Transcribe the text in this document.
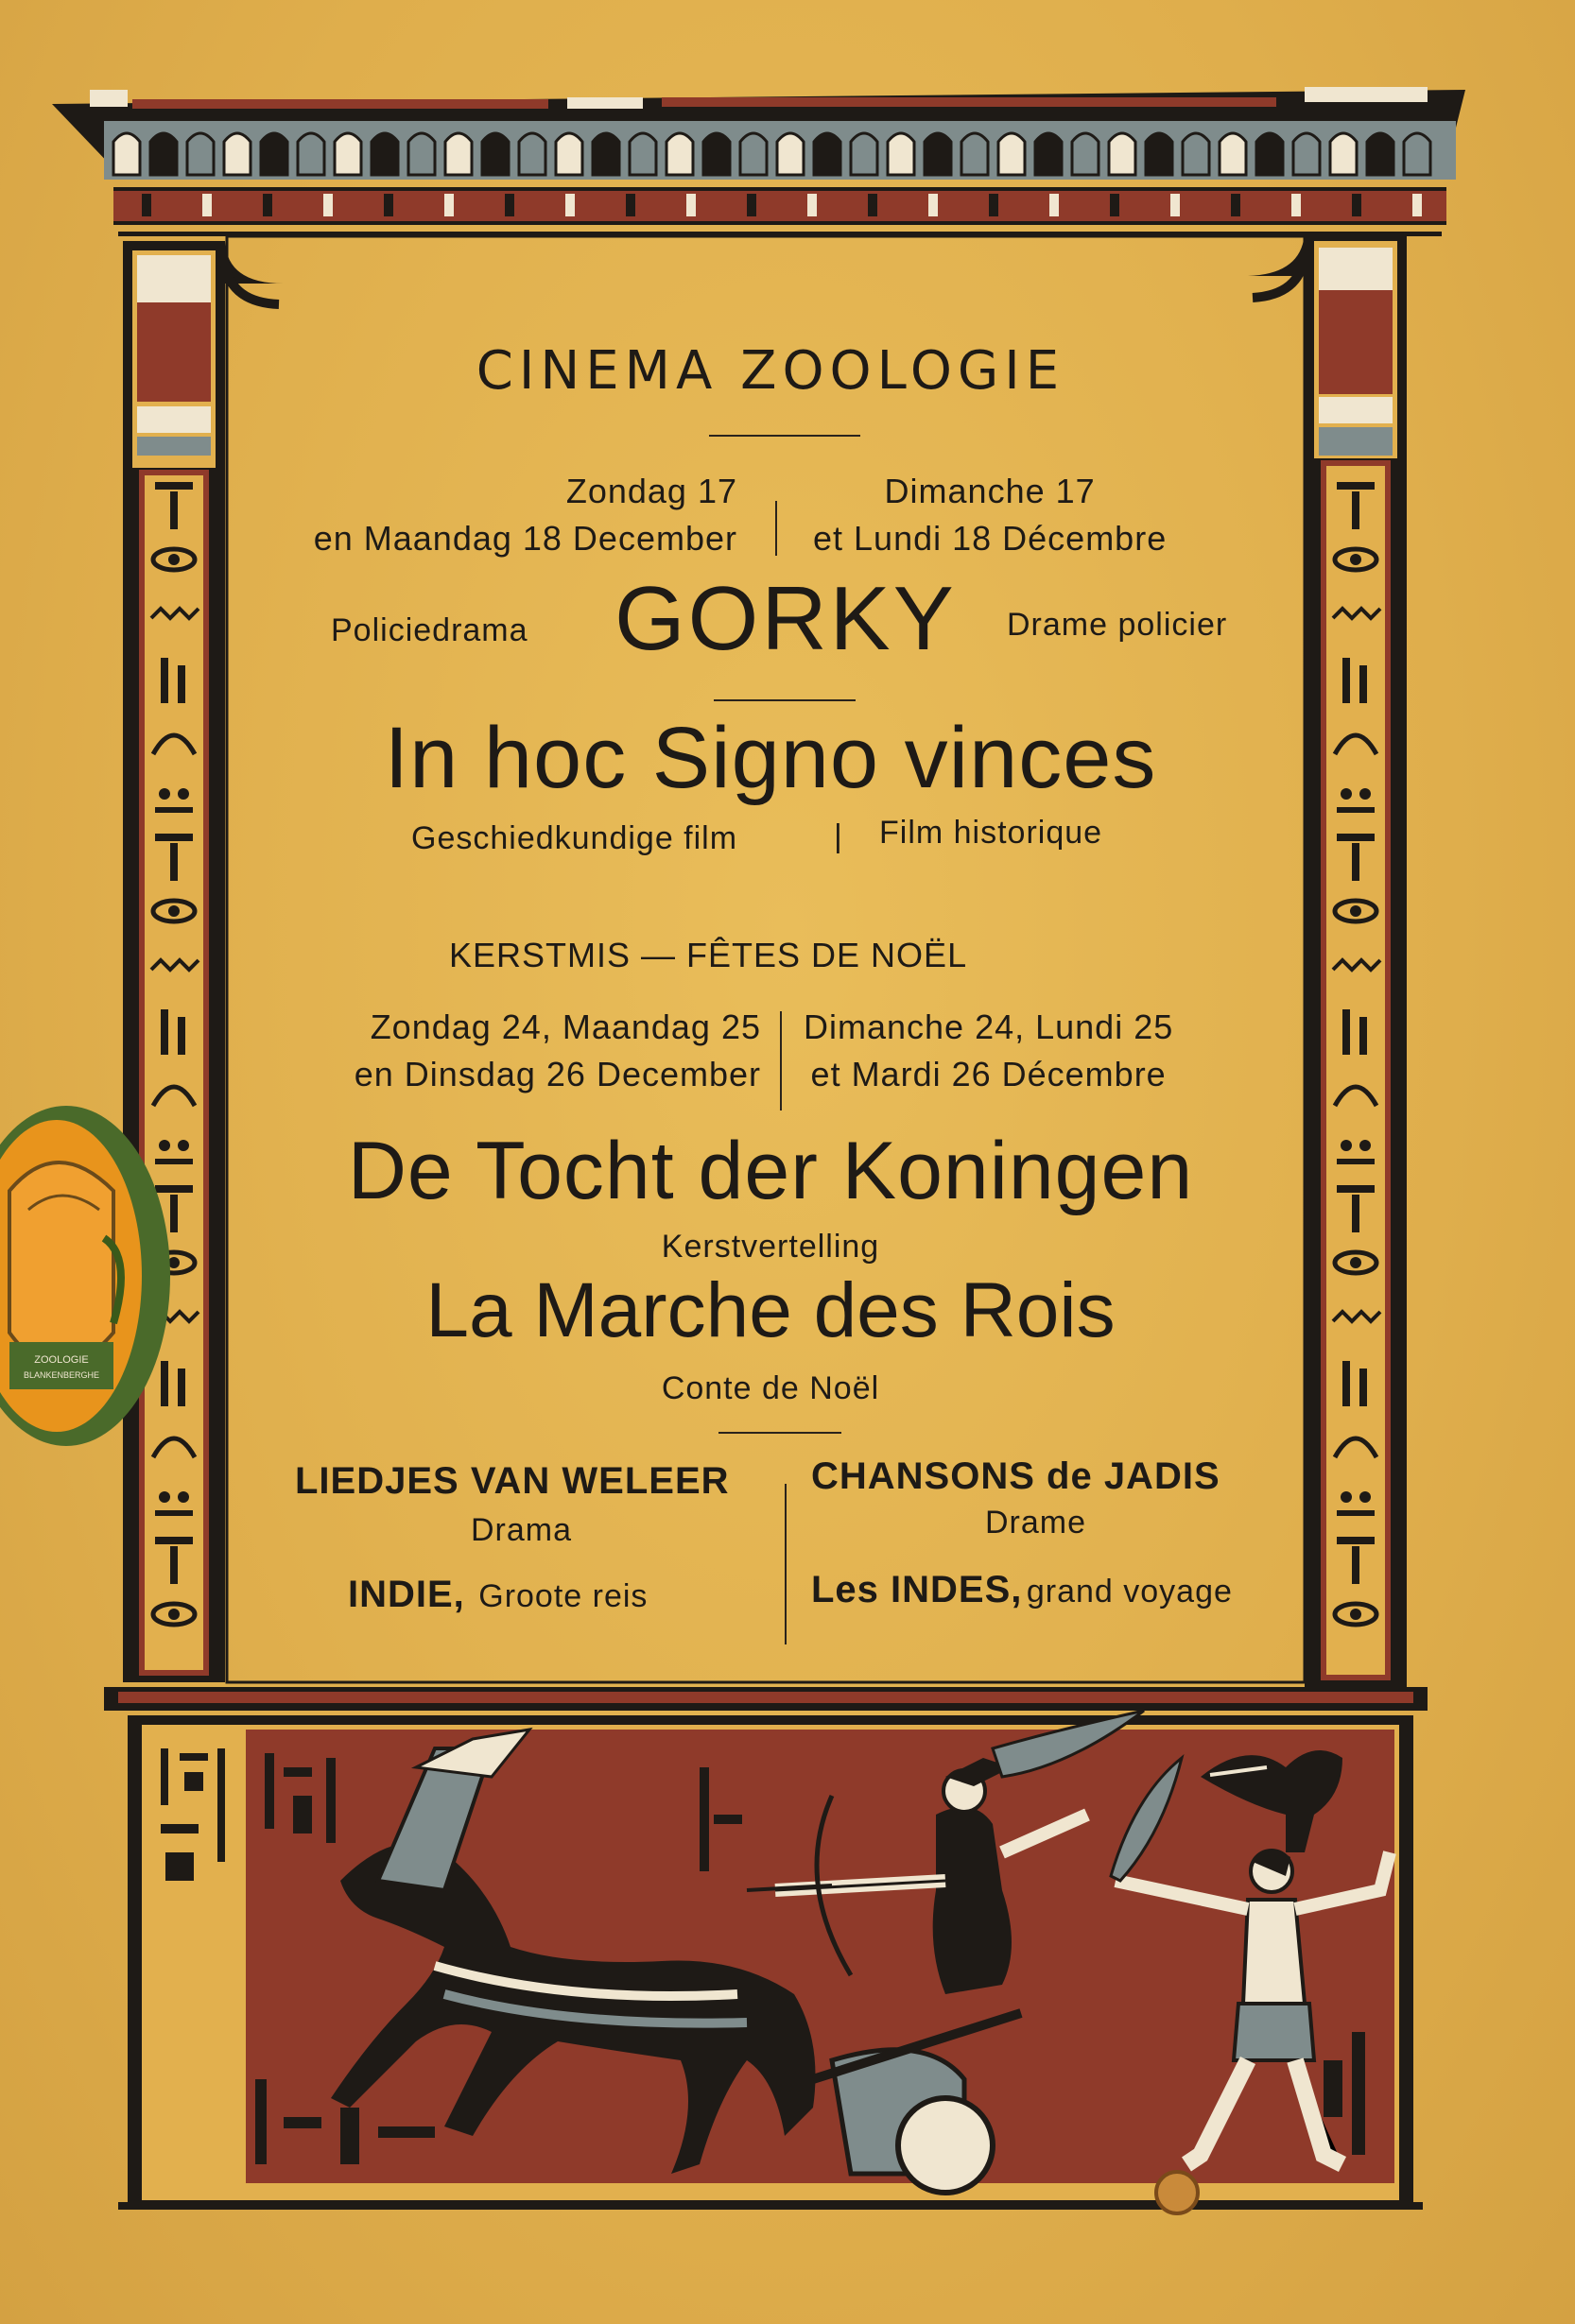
ZOOLOGIE
BLANKENBERGHE
CINEMA ZOOLOGIE
Zondag 17
en Maandag 18 December
Dimanche 17
et Lundi 18 Décembre
Policiedrama GORKY Drame policier
In hoc Signo vinces
Geschiedkundige film	| Film historique
KERSTMIS — FÊTES DE NOËL
Zondag 24, Maandag 25
en Dinsdag 26 December
Dimanche 24, Lundi 25
et Mardi 26 Décembre
De Tocht der Koningen
Kerstvertelling
La Marche des Rois
Conte de Noël
LIEDJES VAN WELEER
Drama
INDIE, Groote reis
CHANSONS de JADIS
Drame
Les INDES, grand voyage
